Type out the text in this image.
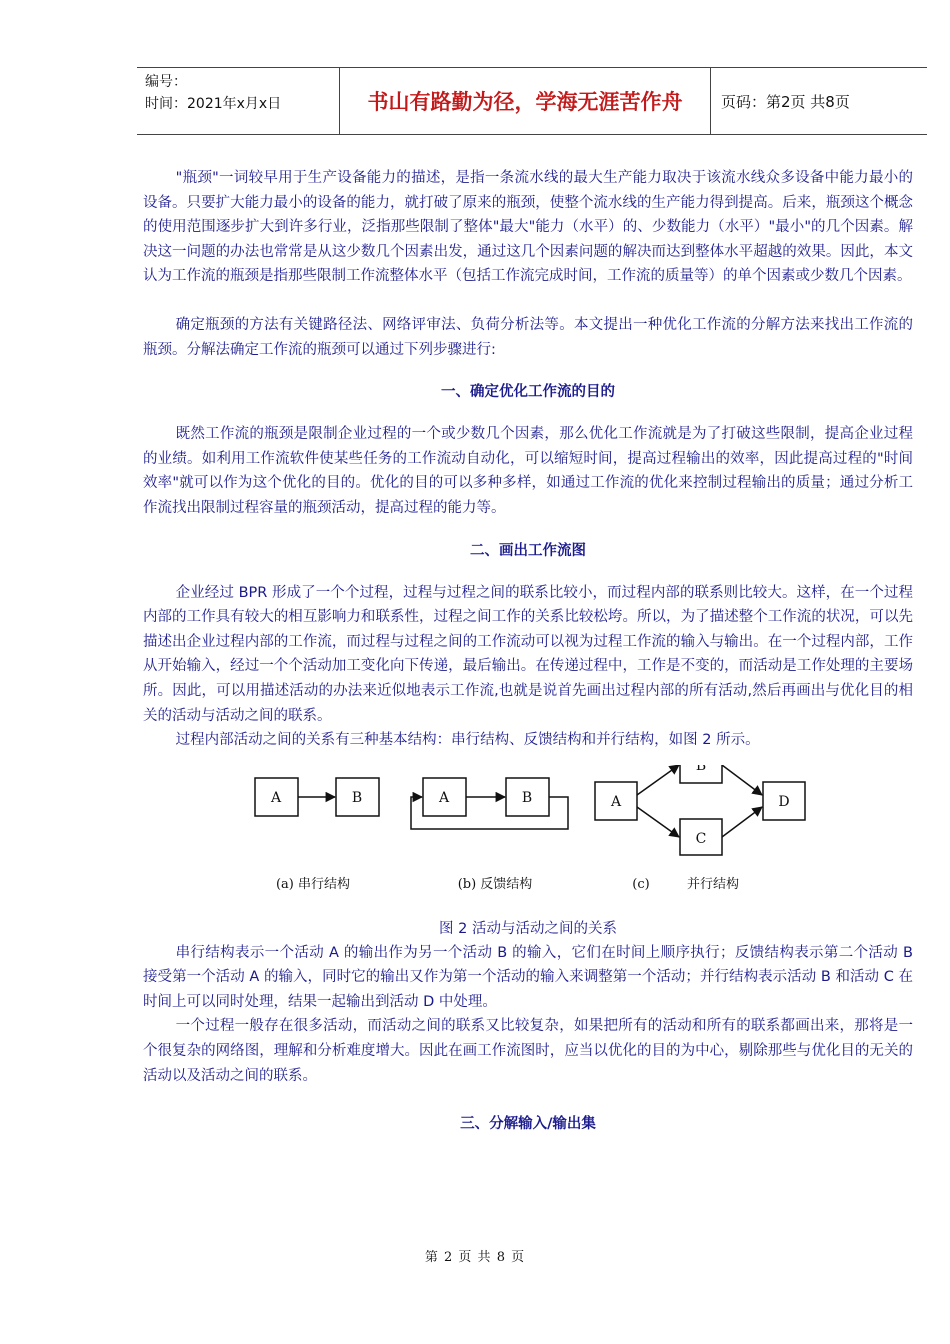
编号：
时间：2021年x月x日	书山有路勤为径，学海无涯苦作舟	页码：第2页 共8页

"瓶颈"一词较早用于生产设备能力的描述，是指一条流水线的最大生产能力取决于该流水线众多设备中能力最小的设备。只要扩大能力最小的设备的能力，就打破了原来的瓶颈，使整个流水线的生产能力得到提高。后来，瓶颈这个概念的使用范围逐步扩大到许多行业，泛指那些限制了整体"最大"能力（水平）的、少数能力（水平）"最小"的几个因素。解决这一问题的办法也常常是从这少数几个因素出发，通过这几个因素问题的解决而达到整体水平超越的效果。因此，本文认为工作流的瓶颈是指那些限制工作流整体水平（包括工作流完成时间，工作流的质量等）的单个因素或少数几个因素。

确定瓶颈的方法有关键路径法、网络评审法、负荷分析法等。本文提出一种优化工作流的分解方法来找出工作流的瓶颈。分解法确定工作流的瓶颈可以通过下列步骤进行:

一、确定优化工作流的目的

既然工作流的瓶颈是限制企业过程的一个或少数几个因素，那么优化工作流就是为了打破这些限制，提高企业过程的业绩。如利用工作流软件使某些任务的工作流动自动化，可以缩短时间，提高过程输出的效率，因此提高过程的"时间效率"就可以作为这个优化的目的。优化的目的可以多种多样，如通过工作流的优化来控制过程输出的质量；通过分析工作流找出限制过程容量的瓶颈活动，提高过程的能力等。

二、画出工作流图

企业经过 BPR 形成了一个个过程，过程与过程之间的联系比较小，而过程内部的联系则比较大。这样，在一个过程内部的工作具有较大的相互影响力和联系性，过程之间工作的关系比较松垮。所以，为了描述整个工作流的状况，可以先描述出企业过程内部的工作流，而过程与过程之间的工作流动可以视为过程工作流的输入与输出。在一个过程内部，工作从开始输入，经过一个个活动加工变化向下传递，最后输出。在传递过程中，工作是不变的，而活动是工作处理的主要场所。因此，可以用描述活动的办法来近似地表示工作流,也就是说首先画出过程内部的所有活动,然后再画出与优化目的相关的活动与活动之间的联系。

过程内部活动之间的关系有三种基本结构：串行结构、反馈结构和并行结构，如图 2 所示。

A	B
(a) 串行结构
A	B
(b) 反馈结构
A
B
C
D
(c)	并行结构
图 2 活动与活动之间的关系

串行结构表示一个活动 A 的输出作为另一个活动 B 的输入，它们在时间上顺序执行；反馈结构表示第二个活动 B 接受第一个活动 A 的输入，同时它的输出又作为第一个活动的输入来调整第一个活动；并行结构表示活动 B 和活动 C 在时间上可以同时处理，结果一起输出到活动 D 中处理。

一个过程一般存在很多活动，而活动之间的联系又比较复杂，如果把所有的活动和所有的联系都画出来，那将是一个很复杂的网络图，理解和分析难度增大。因此在画工作流图时，应当以优化的目的为中心，剔除那些与优化目的无关的活动以及活动之间的联系。

三、分解输入/输出集
第 2 页 共 8 页
